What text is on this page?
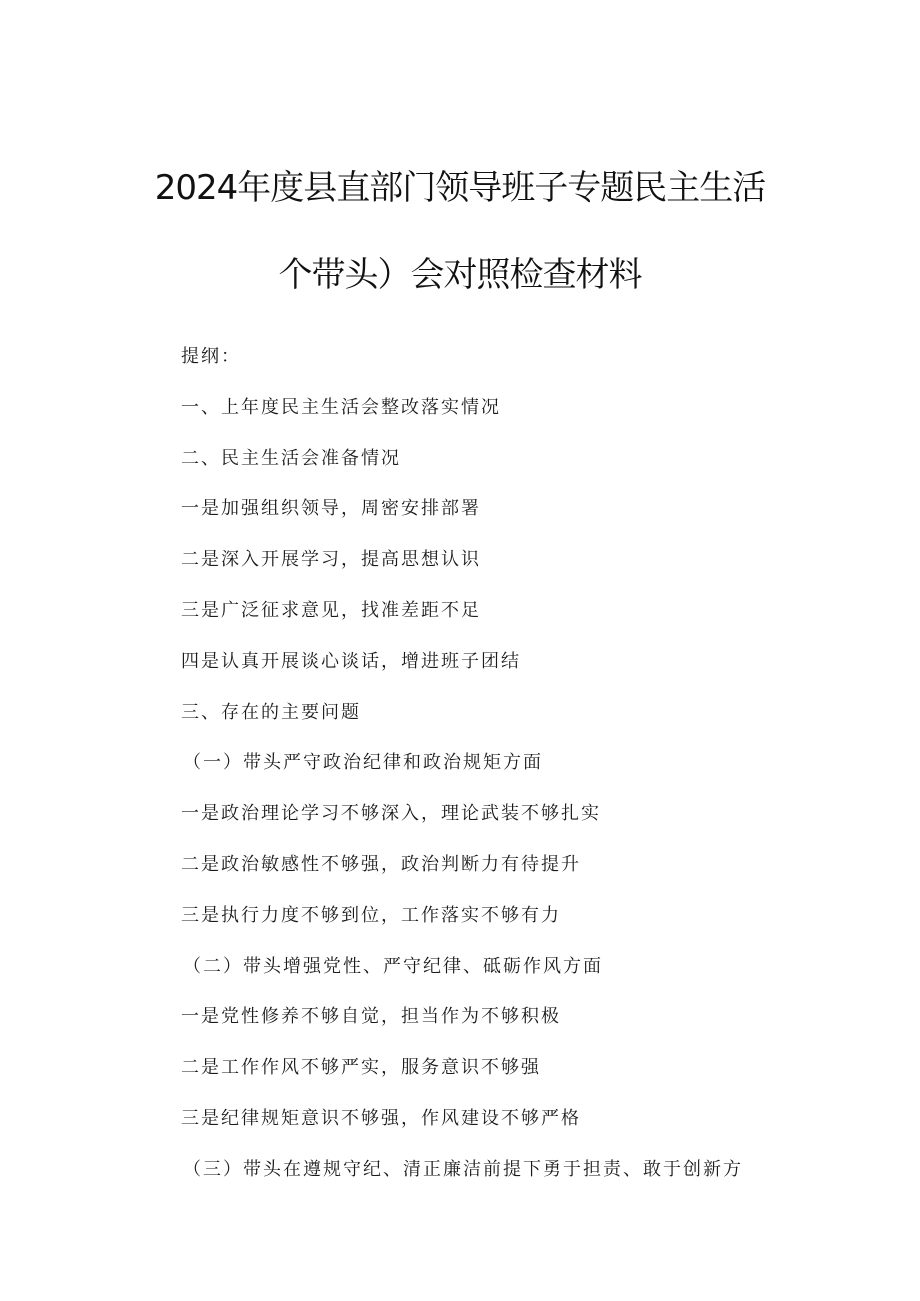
2024年度县直部门领导班子专题民主生活
个带头）会对照检查材料

提纲：

一、上年度民主生活会整改落实情况

二、民主生活会准备情况

一是加强组织领导，周密安排部署

二是深入开展学习，提高思想认识

三是广泛征求意见，找准差距不足

四是认真开展谈心谈话，增进班子团结

三、存在的主要问题

（一）带头严守政治纪律和政治规矩方面

一是政治理论学习不够深入，理论武装不够扎实

二是政治敏感性不够强，政治判断力有待提升

三是执行力度不够到位，工作落实不够有力

（二）带头增强党性、严守纪律、砥砺作风方面

一是党性修养不够自觉，担当作为不够积极

二是工作作风不够严实，服务意识不够强

三是纪律规矩意识不够强，作风建设不够严格

（三）带头在遵规守纪、清正廉洁前提下勇于担责、敢于创新方
